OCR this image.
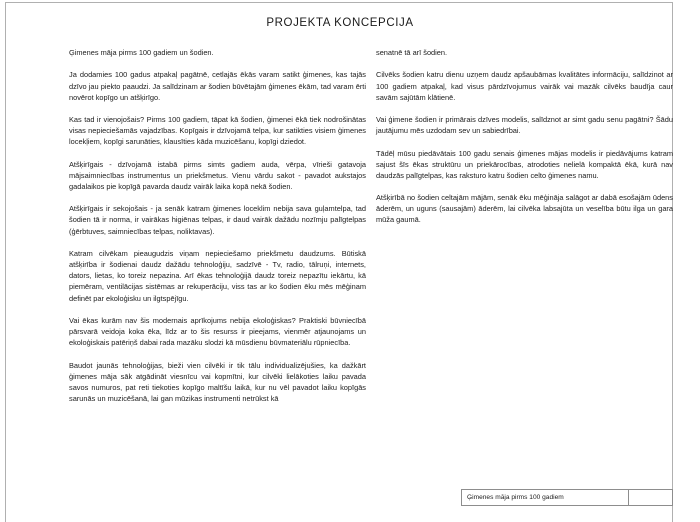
PROJEKTA KONCEPCIJA

Ģimenes māja pirms 100 gadiem un šodien.

Ja dodamies 100 gadus atpakaļ pagātnē, cetlajās ēkās varam satikt ģimenes, kas tajās dzīvo jau piekto paaudzi. Ja salīdzinam ar šodien būvētajām ģimenes ēkām, tad varam ērti novērot kopīgo un atšķirīgo.

Kas tad ir vienojošais? Pirms 100 gadiem, tāpat kā šodien, ģimenei ēkā tiek nodrošinātas visas nepieciešamās vajadzības. Kopīgais ir dzīvojamā telpa, kur satikties visiem ģimenes locekļiem, kopīgi sarunāties, klausīties kāda muzicēšanu, kopīgi dziedot.

Atšķirīgais - dzīvojamā istabā pirms simts gadiem auda, vērpa, vīrieši gatavoja mājsaimniecības instrumentus un priekšmetus. Vienu vārdu sakot - pavadot aukstajos gadalaikos pie kopīgā pavarda daudz vairāk laika kopā nekā šodien.

Atšķirīgais ir sekojošais - ja senāk katram ģimenes loceklim nebija sava guļamtelpa, tad šodien tā ir norma, ir vairākas higiēnas telpas, ir daud vairāk dažādu nozīmju palīgtelpas (ģērbtuves, saimniecības telpas, noliktavas).

Katram cilvēkam pieaugudzis viņam nepieciešamo priekšmetu daudzums. Būtiskā atšķirība ir šodienai daudz dažādu tehnoloģiju, sadzīvē - Tv, radio, tālruņi, internets, dators, lietas, ko toreiz nepazina. Arī ēkas tehnoloģijā daudz toreiz nepazītu iekārtu, kā piemēram, ventilācijas sistēmas ar rekuperāciju, viss tas ar ko šodien ēku mēs mēģinam definēt par ekoloģisku un ilgtspējīgu.

Vai ēkas kurām nav šis modernais aprīkojums nebija ekoloģiskas? Praktiski būvniecībā pārsvarā veidoja koka ēka, līdz ar to šis resurss ir pieejams, vienmēr atjaunojams un ekoloģiskais patēriņš dabai rada mazāku slodzi kā mūsdienu būvmateriālu rūpniecība.

Baudot jaunās tehnoloģijas, bieži vien cilvēki ir tik tālu individualizējušies, ka dažkārt ģimenes māja sāk atgādināt viesnīcu vai kopmītni, kur cilvēki lielākoties laiku pavada savos numuros, pat reti tiekoties kopīgo maltīšu laikā, kur nu vēl pavadot laiku kopīgās sarunās un muzicēšanā, lai gan mūzikas instrumenti netrūkst kā

senatnē tā arī šodien.

Cilvēks šodien katru dienu uzņem daudz apšaubāmas kvalitātes informāciju, salīdzinot ar 100 gadiem atpakaļ, kad visus pārdzīvojumus vairāk vai mazāk cilvēks baudīja caur savām sajūtām klātienē.

Vai ģimene šodien ir primārais dzīves modelis, salīdznot ar simt gadu senu pagātni? Šādu jautājumu mēs uzdodam sev un sabiedrībai.

Tādēļ mūsu piedāvātais 100 gadu senais ģimenes mājas modelis ir piedāvājums katram sajust šīs ēkas struktūru un priekārocības, atrodoties nelielā kompaktā ēkā, kurā nav daudzās palīgtelpas, kas raksturo katru šodien celto ģimenes namu.

Atšķirībā no šodien celtajām mājām, senāk ēku mēģināja salāgot ar dabā esošajām ūdens āderēm, un uguns (sausajām) āderēm, lai cilvēka labsajūta un veselība būtu ilga un gara mūža gaumā.

Ģimenes māja pirms 100 gadiem
